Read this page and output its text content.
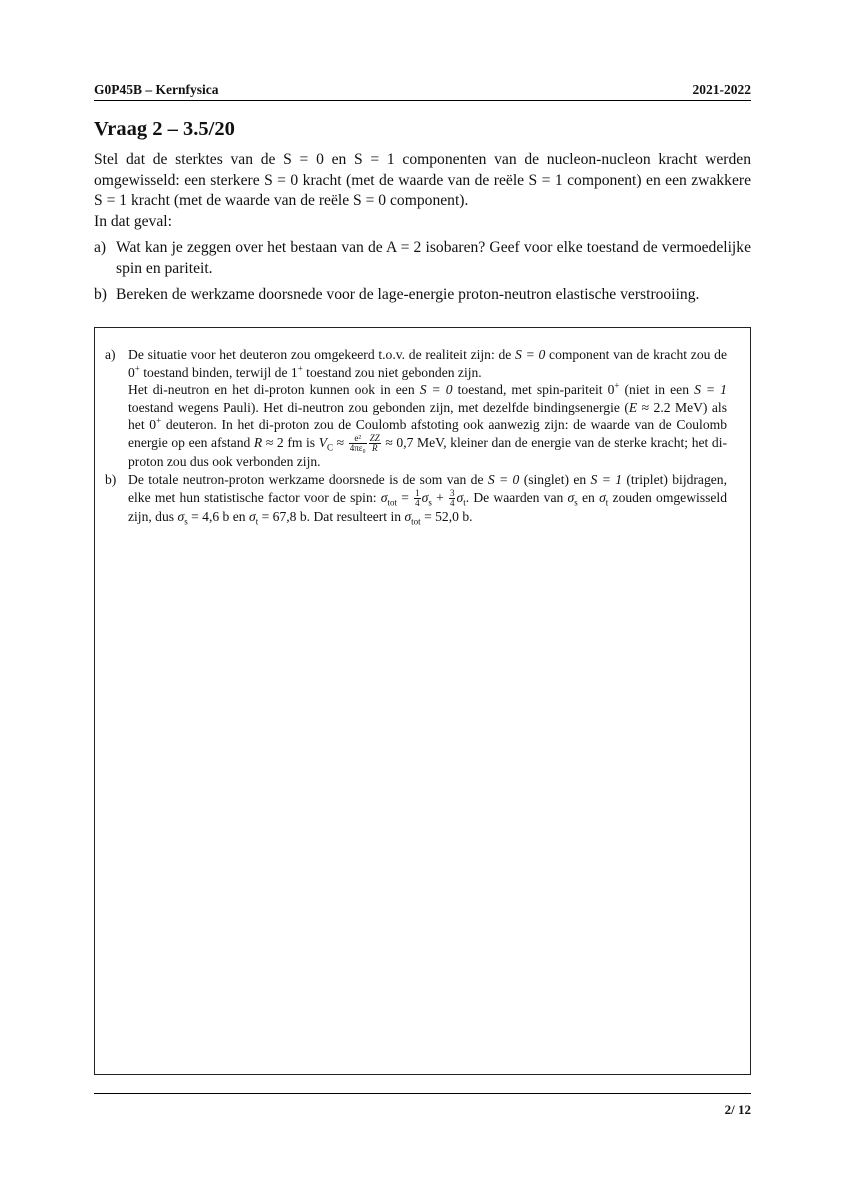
G0P45B – Kernfysica	2021-2022
Vraag 2 – 3.5/20

Stel dat de sterktes van de S = 0 en S = 1 componenten van de nucleon-nucleon kracht werden omgewisseld: een sterkere S = 0 kracht (met de waarde van de reële S = 1 component) en een zwakkere S = 1 kracht (met de waarde van de reële S = 0 component).

In dat geval:

a) Wat kan je zeggen over het bestaan van de A = 2 isobaren? Geef voor elke toestand de vermoedelijke spin en pariteit.
b) Bereken de werkzame doorsnede voor de lage-energie proton-neutron elastische verstrooiing.
a) De situatie voor het deuteron zou omgekeerd t.o.v. de realiteit zijn: de S = 0 component van de kracht zou de 0+ toestand binden, terwijl de 1+ toestand zou niet gebonden zijn.

Het di-neutron en het di-proton kunnen ook in een S = 0 toestand, met spin-pariteit 0+ (niet in een S = 1 toestand wegens Pauli). Het di-neutron zou gebonden zijn, met dezelfde bindingsenergie (E ≈ 2.2 MeV) als het 0+ deuteron. In het di-proton zou de Coulomb afstoting ook aanwezig zijn: de waarde van de Coulomb energie op een afstand R ≈ 2 fm is $V_C \approx \frac{\text{e²}}{\text{4πε₀}} \frac{ZZ}{R} \approx 0,7$ MeV, kleiner dan de energie van de sterke kracht; het di-proton zou dus ook verbonden zijn.

b) De totale neutron-proton werkzame doorsnede is de som van de S = 0 (singlet) en S = 1 (triplet) bijdragen, elke met hun statistische factor voor de spin: $\sigma_{tot} = \frac{1}{4} \sigma_s + \frac{3}{4} \sigma_t$. De waarden van $\sigma_s$ en $\sigma_t$ zouden omgewisseld zijn, dus $\sigma_s = 4,6$ b en $\sigma_t = 67,8$ b. Dat resulteert in $\sigma_{tot} = 52,0$ b.

2/ 12
